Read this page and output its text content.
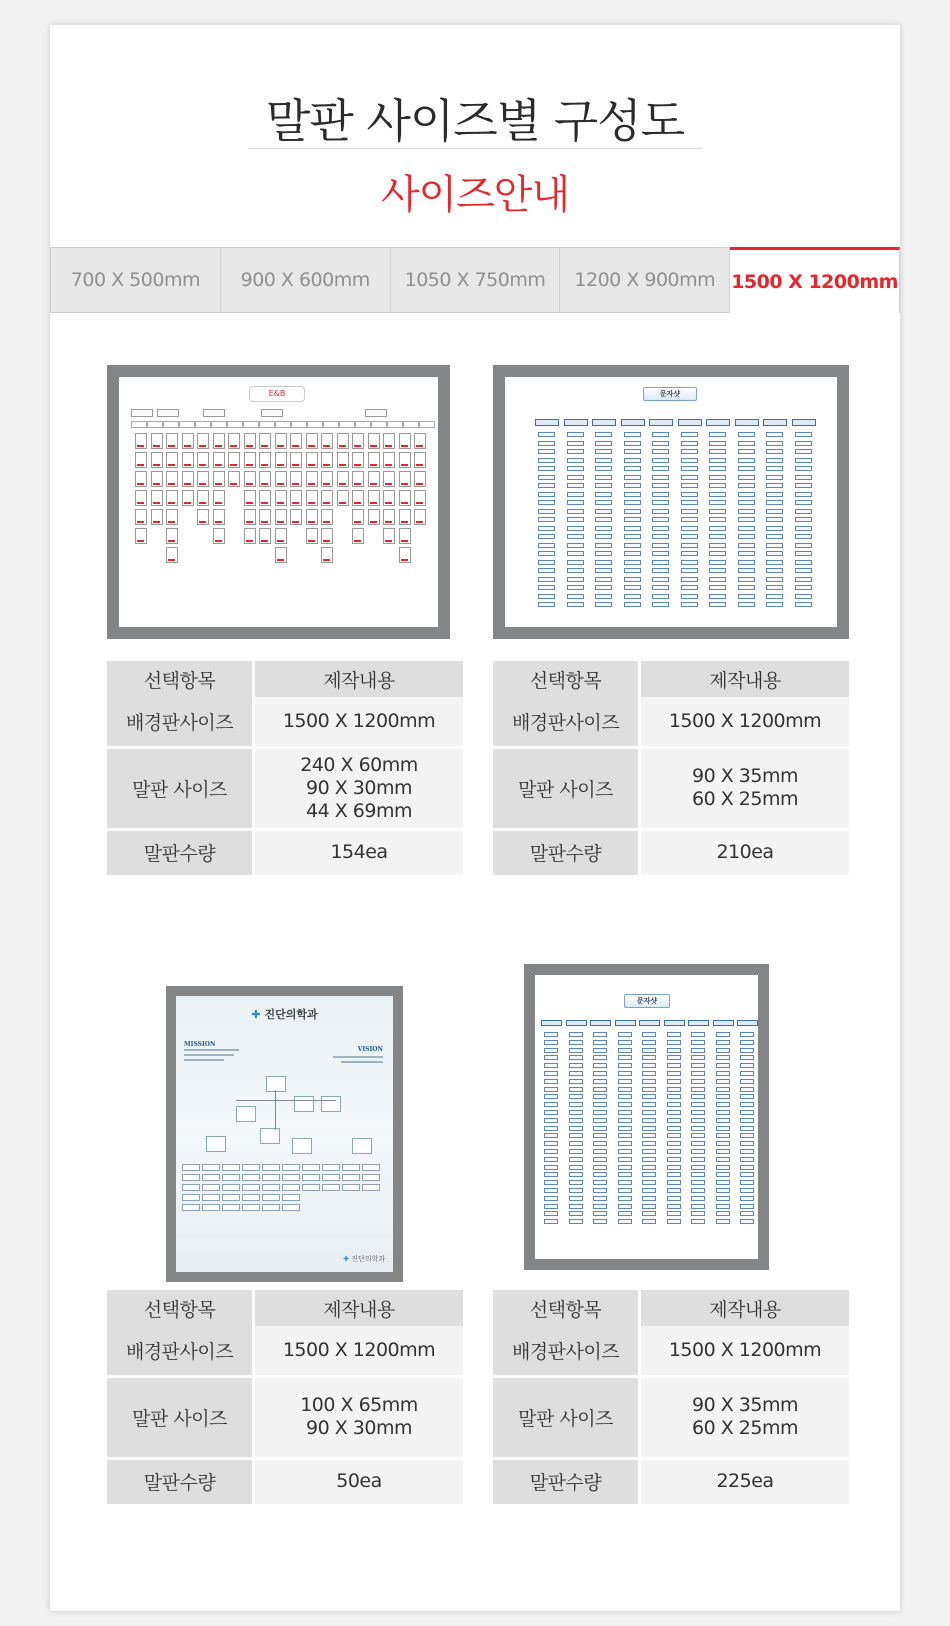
말판 사이즈별 구성도
사이즈안내
700 X 500mm	900 X 600mm	1050 X 750mm	1200 X 900mm 1500 X 1200mm
E&B
선택항목	제작내용
배경판사이즈	1500 X 1200mm

말판 사이즈	240 X 60mm
90 X 30mm
44 X 69mm

말판수량	154ea
문자샷
선택항목	제작내용
배경판사이즈	1500 X 1200mm

말판 사이즈	90 X 35mm
60 X 25mm

말판수량	210ea
✚ 진단의학과
MISSION
VISION
✚ 진단의학과
선택항목	제작내용
배경판사이즈	1500 X 1200mm

말판 사이즈	100 X 65mm
90 X 30mm

말판수량	50ea
문자샷
선택항목	제작내용
배경판사이즈	1500 X 1200mm

말판 사이즈	90 X 35mm
60 X 25mm

말판수량	225ea
